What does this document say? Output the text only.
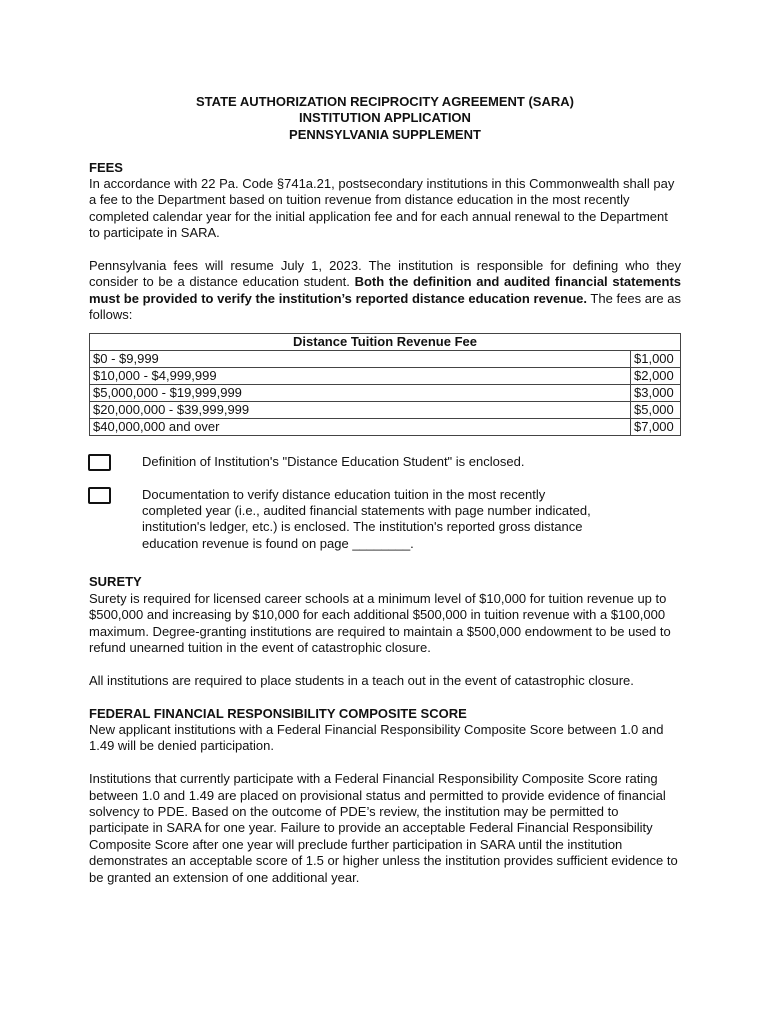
STATE AUTHORIZATION RECIPROCITY AGREEMENT (SARA)
INSTITUTION APPLICATION
PENNSYLVANIA SUPPLEMENT
FEES

In accordance with 22 Pa. Code §741a.21, postsecondary institutions in this Commonwealth shall pay a fee to the Department based on tuition revenue from distance education in the most recently completed calendar year for the initial application fee and for each annual renewal to the Department to participate in SARA.

Pennsylvania fees will resume July 1, 2023. The institution is responsible for defining who they consider to be a distance education student. Both the definition and audited financial statements must be provided to verify the institution’s reported distance education revenue. The fees are as follows:

Distance Tuition Revenue Fee	
$0 - $9,999	$1,000
$10,000 - $4,999,999	$2,000
$5,000,000 - $19,999,999	$3,000
$20,000,000 - $39,999,999	$5,000
$40,000,000 and over	$7,000
Definition of Institution's "Distance Education Student" is enclosed.
Documentation to verify distance education tuition in the most recently completed year (i.e., audited financial statements with page number indicated, institution's ledger, etc.) is enclosed. The institution's reported gross distance education revenue is found on page ________.
SURETY

Surety is required for licensed career schools at a minimum level of $10,000 for tuition revenue up to $500,000 and increasing by $10,000 for each additional $500,000 in tuition revenue with a $100,000 maximum. Degree-granting institutions are required to maintain a $500,000 endowment to be used to refund unearned tuition in the event of catastrophic closure.

All institutions are required to place students in a teach out in the event of catastrophic closure.

FEDERAL FINANCIAL RESPONSIBILITY COMPOSITE SCORE

New applicant institutions with a Federal Financial Responsibility Composite Score between 1.0 and 1.49 will be denied participation.

Institutions that currently participate with a Federal Financial Responsibility Composite Score rating between 1.0 and 1.49 are placed on provisional status and permitted to provide evidence of financial solvency to PDE. Based on the outcome of PDE’s review, the institution may be permitted to participate in SARA for one year. Failure to provide an acceptable Federal Financial Responsibility Composite Score after one year will preclude further participation in SARA until the institution demonstrates an acceptable score of 1.5 or higher unless the institution provides sufficient evidence to be granted an extension of one additional year.
